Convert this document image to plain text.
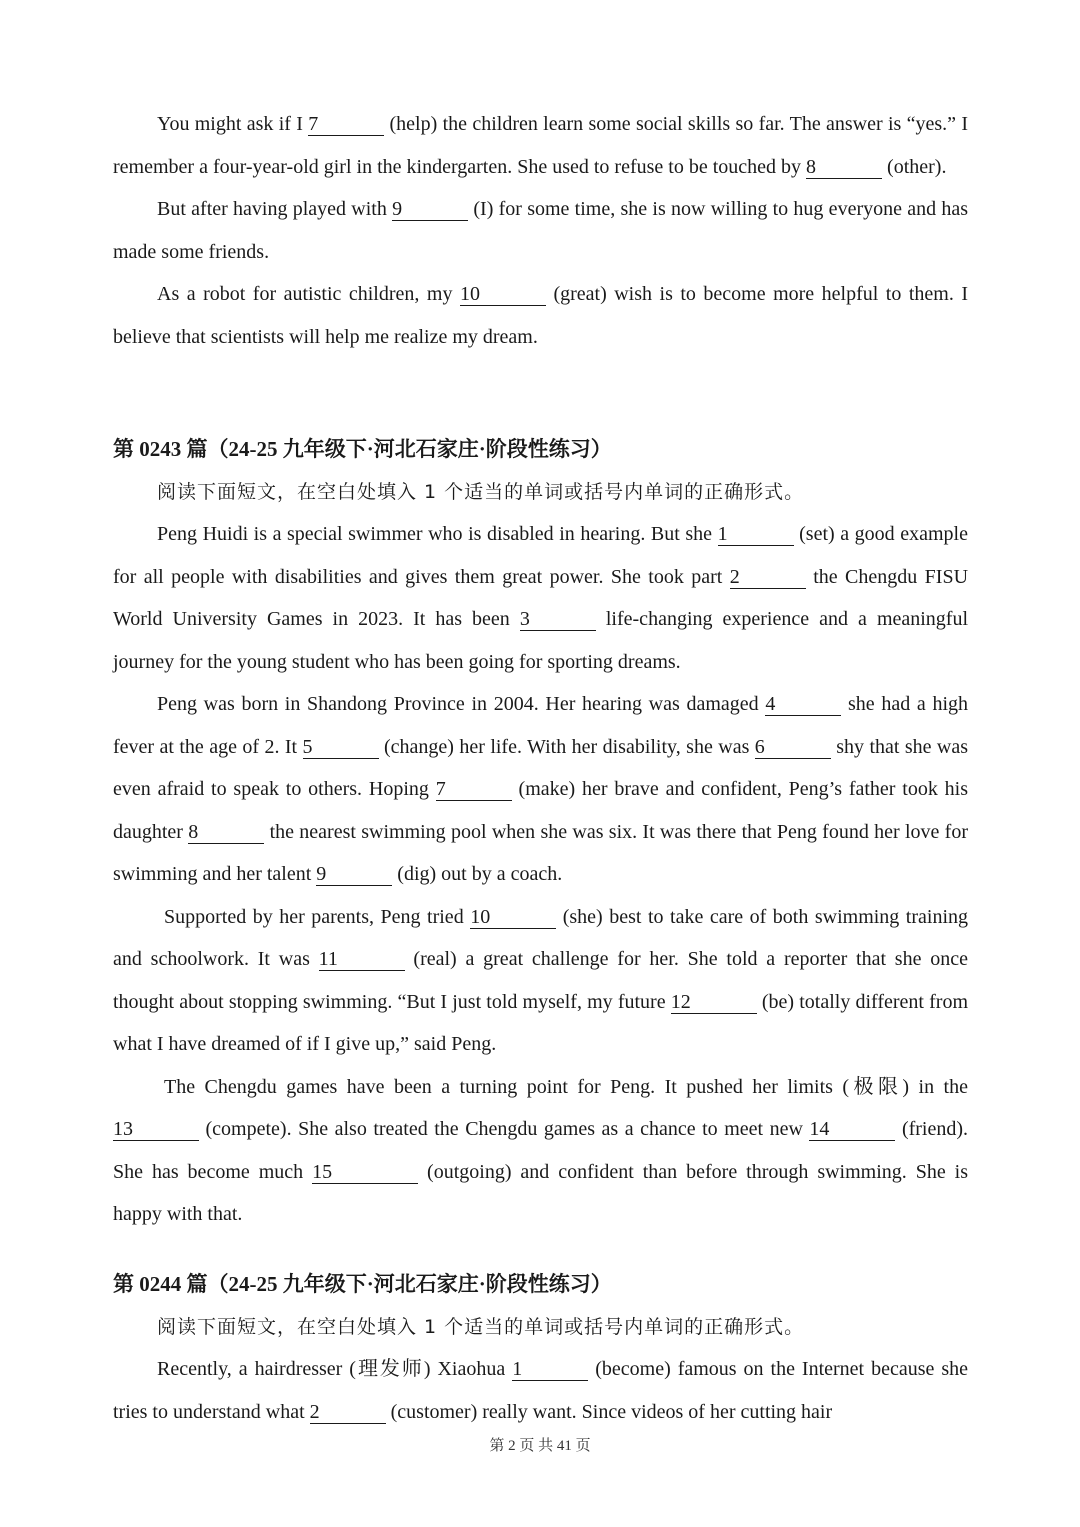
You might ask if I 7	(help) the children learn some social skills so far. The answer is “yes.” I remember a four-year-old girl in the kindergarten. She used to refuse to be touched by 8	(other).

But after having played with 9	(I) for some time, she is now willing to hug everyone and has made some friends.

As a robot for autistic children, my 10	(great) wish is to become more helpful to them. I believe that scientists will help me realize my dream.

第 0243 篇（24-25 九年级下·河北石家庄·阶段性练习）

阅读下面短文，在空白处填入 1 个适当的单词或括号内单词的正确形式。

Peng Huidi is a special swimmer who is disabled in hearing. But she 1	(set) a good example for all people with disabilities and gives them great power. She took part 2	the Chengdu FISU World University Games in 2023. It has been 3	life-changing experience and a meaningful journey for the young student who has been going for sporting dreams.

Peng was born in Shandong Province in 2004. Her hearing was damaged 4	she had a high fever at the age of 2. It 5	(change) her life. With her disability, she was 6	shy that she was even afraid to speak to others. Hoping 7	(make) her brave and confident, Peng’s father took his daughter 8	the nearest swimming pool when she was six. It was there that Peng found her love for swimming and her talent 9	(dig) out by a coach.

Supported by her parents, Peng tried 10	(she) best to take care of both swimming training and schoolwork. It was 11	(real) a great challenge for her. She told a reporter that she once thought about stopping swimming. “But I just told myself, my future 12	(be) totally different from what I have dreamed of if I give up,” said Peng.

The Chengdu games have been a turning point for Peng. It pushed her limits (极限) in the 13	(compete). She also treated the Chengdu games as a chance to meet new 14	(friend). She has become much 15	(outgoing) and confident than before through swimming. She is happy with that.

第 0244 篇（24-25 九年级下·河北石家庄·阶段性练习）

阅读下面短文，在空白处填入 1 个适当的单词或括号内单词的正确形式。

Recently, a hairdresser (理发师) Xiaohua 1	(become) famous on the Internet because she tries to understand what 2	(customer) really want. Since videos of her cutting hair

第 2 页 共 41 页
